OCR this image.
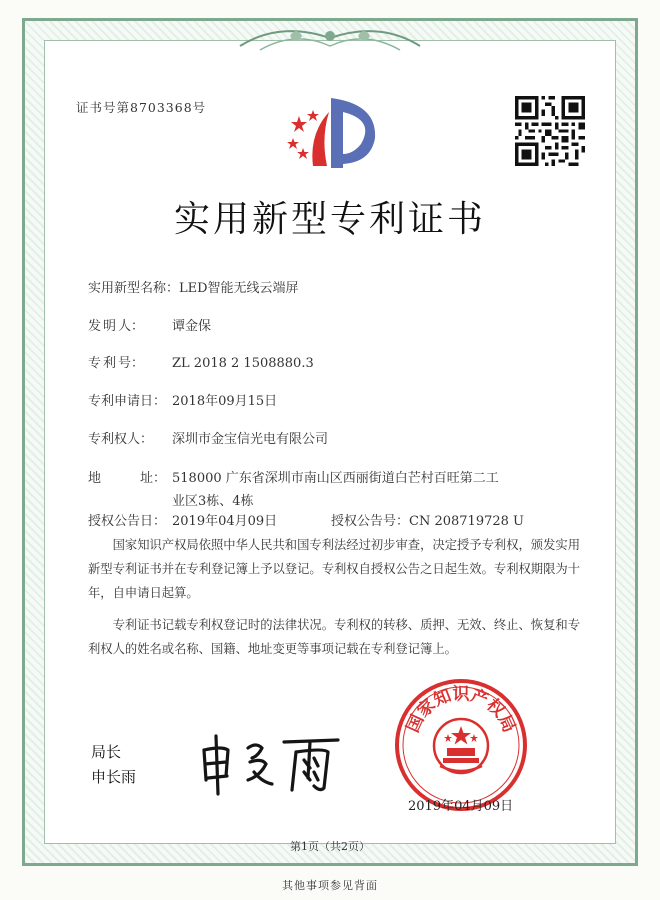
证书号第8703368号
实用新型专利证书
实用新型名称：LED智能无线云端屏
发 明 人： 谭金保
专 利 号： ZL 2018 2 1508880.3
专利申请日： 2018年09月15日
专利权人： 深圳市金宝信光电有限公司
地　　　址： 518000 广东省深圳市南山区西丽街道白芒村百旺第二工
业区3栋、4栋
授权公告日： 2019年04月09日	授权公告号：CN 208719728 U
国家知识产权局依照中华人民共和国专利法经过初步审查，决定授予专利权，颁发实用新型专利证书并在专利登记簿上予以登记。专利权自授权公告之日起生效。专利权期限为十年，自申请日起算。
专利证书记载专利权登记时的法律状况。专利权的转移、质押、无效、终止、恢复和专利权人的姓名或名称、国籍、地址变更等事项记载在专利登记簿上。
局长
申长雨
国家知识产权局
2019年04月09日
第1页（共2页）
其他事项参见背面
